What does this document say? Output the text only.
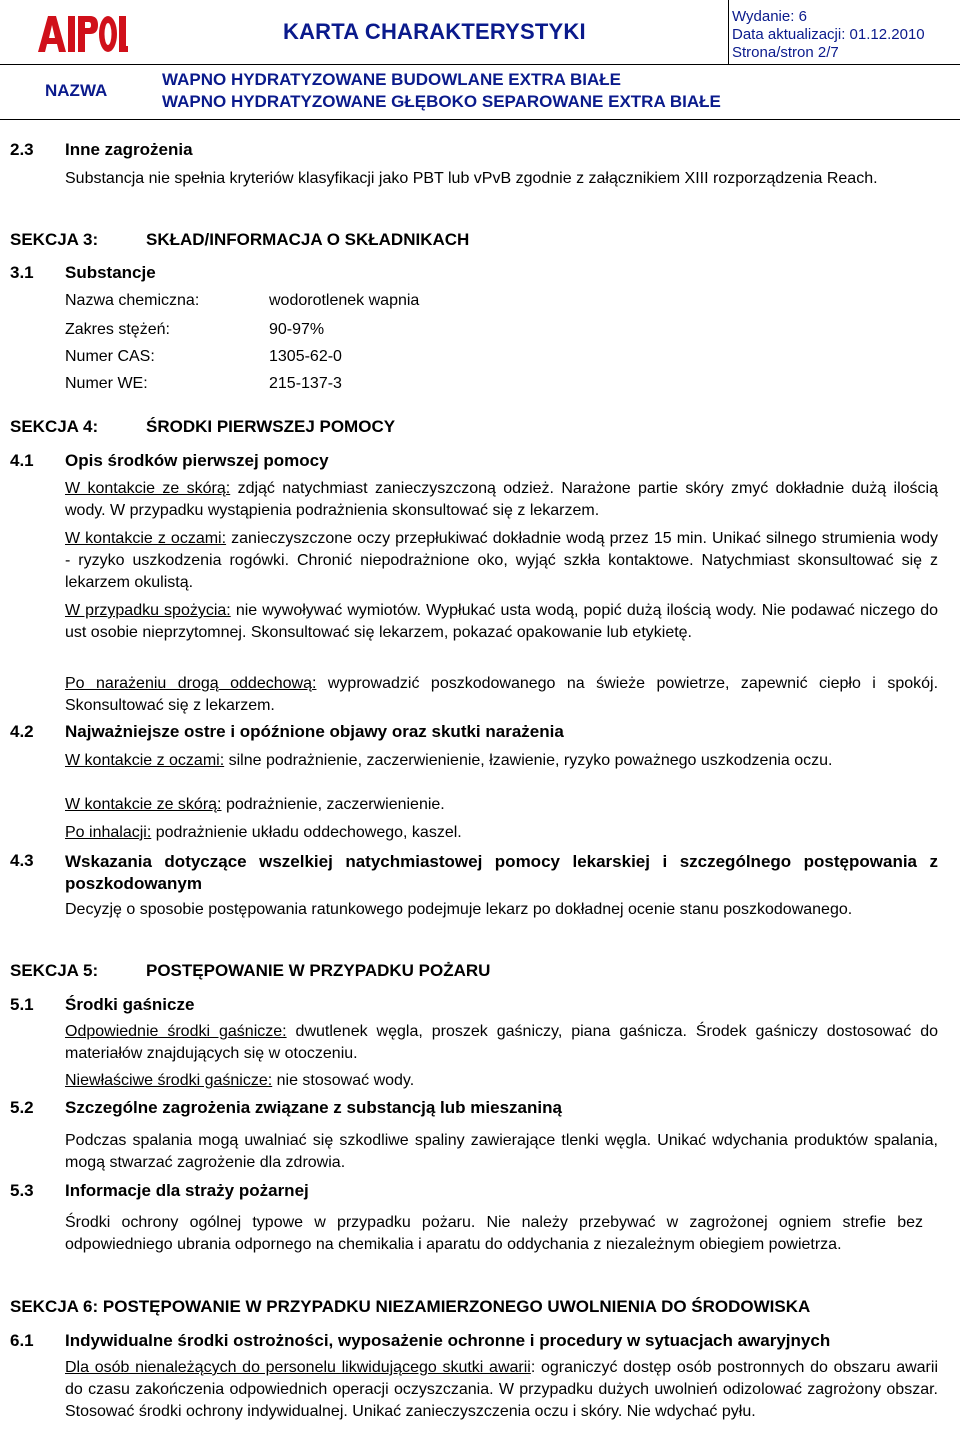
KARTA CHARAKTERYSTYKI
Wydanie: 6
Data aktualizacji: 01.12.2010
Strona/stron 2/7
NAZWA
WAPNO HYDRATYZOWANE BUDOWLANE EXTRA BIAŁE
WAPNO HYDRATYZOWANE GŁĘBOKO SEPAROWANE EXTRA BIAŁE
2.3 Inne zagrożenia
Substancja nie spełnia kryteriów klasyfikacji jako PBT lub vPvB zgodnie z załącznikiem XIII rozporządzenia Reach.
SEKCJA 3:	SKŁAD/INFORMACJA O SKŁADNIKACH
3.1 Substancje
Nazwa chemiczna:	wodorotlenek wapnia
Zakres stężeń:	90-97%
Numer CAS:	1305-62-0
Numer WE:	215-137-3
SEKCJA 4:	ŚRODKI PIERWSZEJ POMOCY
4.1 Opis środków pierwszej pomocy
W kontakcie ze skórą: zdjąć natychmiast zanieczyszczoną odzież. Narażone partie skóry zmyć dokładnie dużą ilością wody. W przypadku wystąpienia podrażnienia skonsultować się z lekarzem.
W kontakcie z oczami: zanieczyszczone oczy przepłukiwać dokładnie wodą przez 15 min. Unikać silnego strumienia wody - ryzyko uszkodzenia rogówki. Chronić niepodrażnione oko, wyjąć szkła kontaktowe. Natychmiast skonsultować się z lekarzem okulistą.
W przypadku spożycia: nie wywoływać wymiotów. Wypłukać usta wodą, popić dużą ilością wody. Nie podawać niczego do ust osobie nieprzytomnej. Skonsultować się lekarzem, pokazać opakowanie lub etykietę.
Po narażeniu drogą oddechową: wyprowadzić poszkodowanego na świeże powietrze, zapewnić ciepło i spokój. Skonsultować się z lekarzem.
4.2 Najważniejsze ostre i opóźnione objawy oraz skutki narażenia
W kontakcie z oczami: silne podrażnienie, zaczerwienienie, łzawienie, ryzyko poważnego uszkodzenia oczu.
W kontakcie ze skórą: podrażnienie, zaczerwienienie.
Po inhalacji: podrażnienie układu oddechowego, kaszel.
4.3 Wskazania dotyczące wszelkiej natychmiastowej pomocy lekarskiej i szczególnego postępowania z poszkodowanym
Decyzję o sposobie postępowania ratunkowego podejmuje lekarz po dokładnej ocenie stanu poszkodowanego.
SEKCJA 5:	POSTĘPOWANIE W PRZYPADKU POŻARU
5.1 Środki gaśnicze
Odpowiednie środki gaśnicze: dwutlenek węgla, proszek gaśniczy, piana gaśnicza. Środek gaśniczy dostosować do materiałów znajdujących się w otoczeniu.
Niewłaściwe środki gaśnicze: nie stosować wody.
5.2 Szczególne zagrożenia związane z substancją lub mieszaniną
Podczas spalania mogą uwalniać się szkodliwe spaliny zawierające tlenki węgla. Unikać wdychania produktów spalania, mogą stwarzać zagrożenie dla zdrowia.
5.3 Informacje dla straży pożarnej
Środki ochrony ogólnej typowe w przypadku pożaru. Nie należy przebywać w zagrożonej ogniem strefie bez odpowiedniego ubrania odpornego na chemikalia i aparatu do oddychania z niezależnym obiegiem powietrza.
SEKCJA 6: POSTĘPOWANIE W PRZYPADKU NIEZAMIERZONEGO UWOLNIENIA DO ŚRODOWISKA
6.1 Indywidualne środki ostrożności, wyposażenie ochronne i procedury w sytuacjach awaryjnych
Dla osób nienależących do personelu likwidującego skutki awarii: ograniczyć dostęp osób postronnych do obszaru awarii do czasu zakończenia odpowiednich operacji oczyszczania. W przypadku dużych uwolnień odizolować zagrożony obszar. Stosować środki ochrony indywidualnej. Unikać zanieczyszczenia oczu i skóry. Nie wdychać pyłu.
